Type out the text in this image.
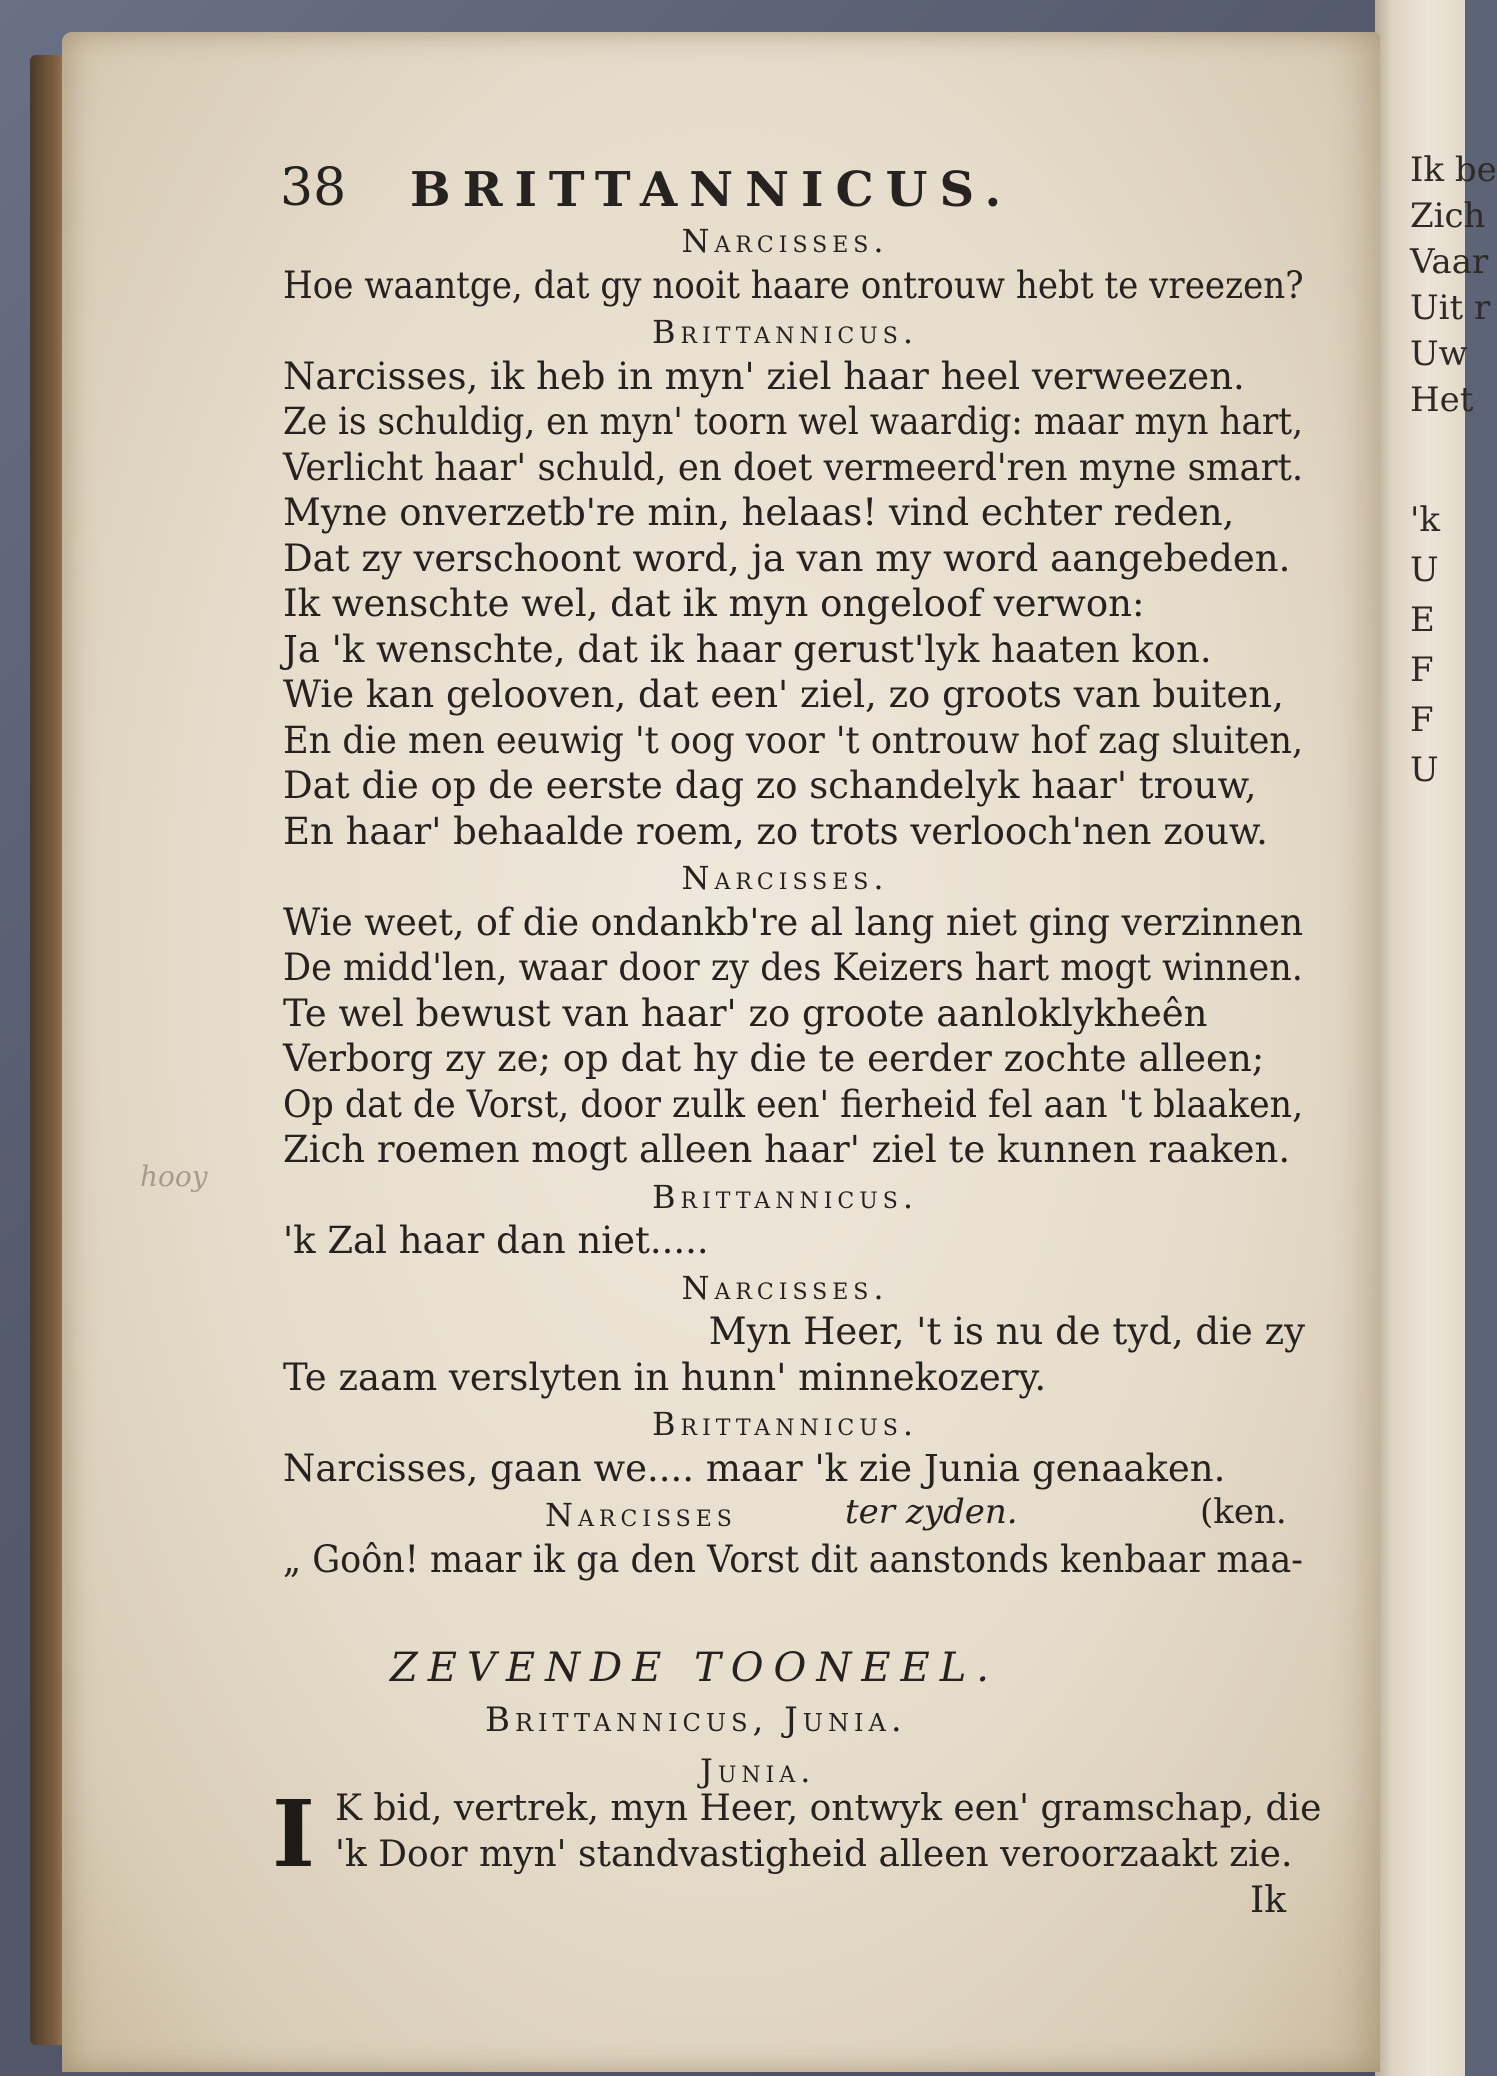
38 BRITTANNICUS.
Narcisses.
Hoe waantge, dat gy nooit haare ontrouw hebt te vreezen?
Brittannicus.
Narcisses, ik heb in myn' ziel haar heel verweezen.
Ze is schuldig, en myn' toorn wel waardig: maar myn hart,
Verlicht haar' schuld, en doet vermeerd'ren myne smart.
Myne onverzetb're min, helaas! vind echter reden,
Dat zy verschoont word, ja van my word aangebeden.
Ik wenschte wel, dat ik myn ongeloof verwon:
Ja 'k wenschte, dat ik haar gerust'lyk haaten kon.
Wie kan gelooven, dat een' ziel, zo groots van buiten,
En die men eeuwig 't oog voor 't ontrouw hof zag sluiten,
Dat die op de eerste dag zo schandelyk haar' trouw,
En haar' behaalde roem, zo trots verlooch'nen zouw.
Narcisses.
Wie weet, of die ondankb're al lang niet ging verzinnen
De midd'len, waar door zy des Keizers hart mogt winnen.
Te wel bewust van haar' zo groote aanloklykheên
Verborg zy ze; op dat hy die te eerder zochte alleen;
Op dat de Vorst, door zulk een' fierheid fel aan 't blaaken,
Zich roemen mogt alleen haar' ziel te kunnen raaken.
Brittannicus.
'k Zal haar dan niet.....
Narcisses.
Myn Heer, 't is nu de tyd, die zy
Te zaam verslyten in hunn' minnekozery.
Brittannicus.
Narcisses, gaan we.... maar 'k zie Junia genaaken.
Narcisses	ter zyden.	(ken.
„ Goôn! maar ik ga den Vorst dit aanstonds kenbaar maa-
ZEVENDE TOONEEL.
Brittannicus, Junia.
Junia.
I K bid, vertrek, myn Heer, ontwyk een' gramschap, die
'k Door myn' standvastigheid alleen veroorzaakt zie.
Ik
hooy
Ik be
Zich
Vaar
Uit r
Uw
Het
'k
U
E
F
F
U
